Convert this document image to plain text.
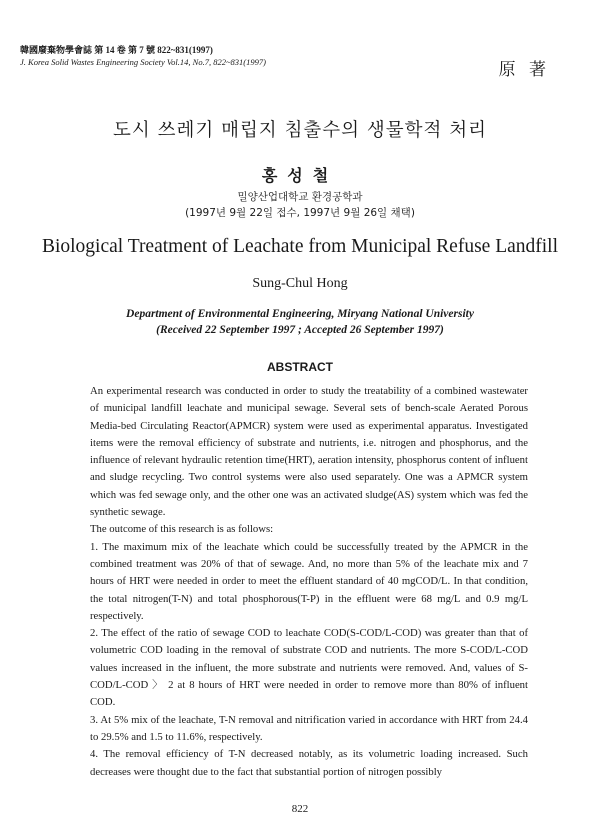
韓國廢棄物學會誌 第 14 卷 第 7 號 822~831(1997)
J. Korea Solid Wastes Engineering Society Vol.14, No.7, 822~831(1997)	原 著
도시 쓰레기 매립지 침출수의 생물학적 처리
홍성철
밀양산업대학교 환경공학과
(1997년 9월 22일 접수, 1997년 9월 26일 채택)
Biological Treatment of Leachate from Municipal Refuse Landfill
Sung-Chul Hong
Department of Environmental Engineering, Miryang National University
(Received 22 September 1997 ; Accepted 26 September 1997)
ABSTRACT

An experimental research was conducted in order to study the treatability of a combined wastewater of municipal landfill leachate and municipal sewage. Several sets of bench-scale Aerated Porous Media-bed Circulating Reactor(APMCR) system were used as experimental apparatus. Investigated items were the removal efficiency of substrate and nutrients, i.e. nitrogen and phosphorus, and the influence of relevant hydraulic retention time(HRT), aeration intensity, phosphorus content of influent and sludge recycling. Two control systems were also used separately. One was a APMCR system which was fed sewage only, and the other one was an activated sludge(AS) system which was fed the synthetic sewage.

The outcome of this research is as follows:

1. The maximum mix of the leachate which could be successfully treated by the APMCR in the combined treatment was 20% of that of sewage. And, no more than 5% of the leachate mix and 7 hours of HRT were needed in order to meet the effluent standard of 40 mgCOD/L. In that condition, the total nitrogen(T-N) and total phosphorous(T-P) in the effluent were 68 mg/L and 0.9 mg/L respectively.

2. The effect of the ratio of sewage COD to leachate COD(S-COD/L-COD) was greater than that of volumetric COD loading in the removal of substrate COD and nutrients. The more S-COD/L-COD values increased in the influent, the more substrate and nutrients were removed. And, values of S-COD/L-COD 〉 2 at 8 hours of HRT were needed in order to remove more than 80% of influent COD.

3. At 5% mix of the leachate, T-N removal and nitrification varied in accordance with HRT from 24.4 to 29.5% and 1.5 to 11.6%, respectively.

4. The removal efficiency of T-N decreased notably, as its volumetric loading increased. Such decreases were thought due to the fact that substantial portion of nitrogen possibly

822
